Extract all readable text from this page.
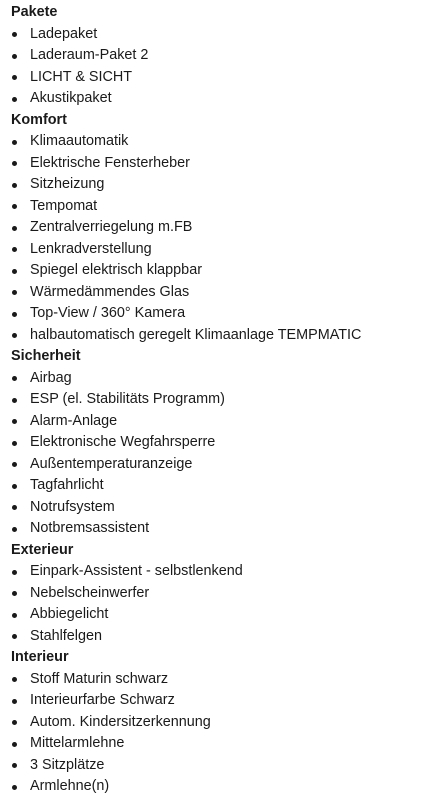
Pakete
Ladepaket
Laderaum-Paket 2
LICHT & SICHT
Akustikpaket
Komfort
Klimaautomatik
Elektrische Fensterheber
Sitzheizung
Tempomat
Zentralverriegelung m.FB
Lenkradverstellung
Spiegel elektrisch klappbar
Wärmedämmendes Glas
Top-View / 360° Kamera
halbautomatisch geregelt Klimaanlage TEMPMATIC
Sicherheit
Airbag
ESP (el. Stabilitäts Programm)
Alarm-Anlage
Elektronische Wegfahrsperre
Außentemperaturanzeige
Tagfahrlicht
Notrufsystem
Notbremsassistent
Exterieur
Einpark-Assistent - selbstlenkend
Nebelscheinwerfer
Abbiegelicht
Stahlfelgen
Interieur
Stoff Maturin schwarz
Interieurfarbe Schwarz
Autom. Kindersitzerkennung
Mittelarmlehne
3 Sitzplätze
Armlehne(n)
